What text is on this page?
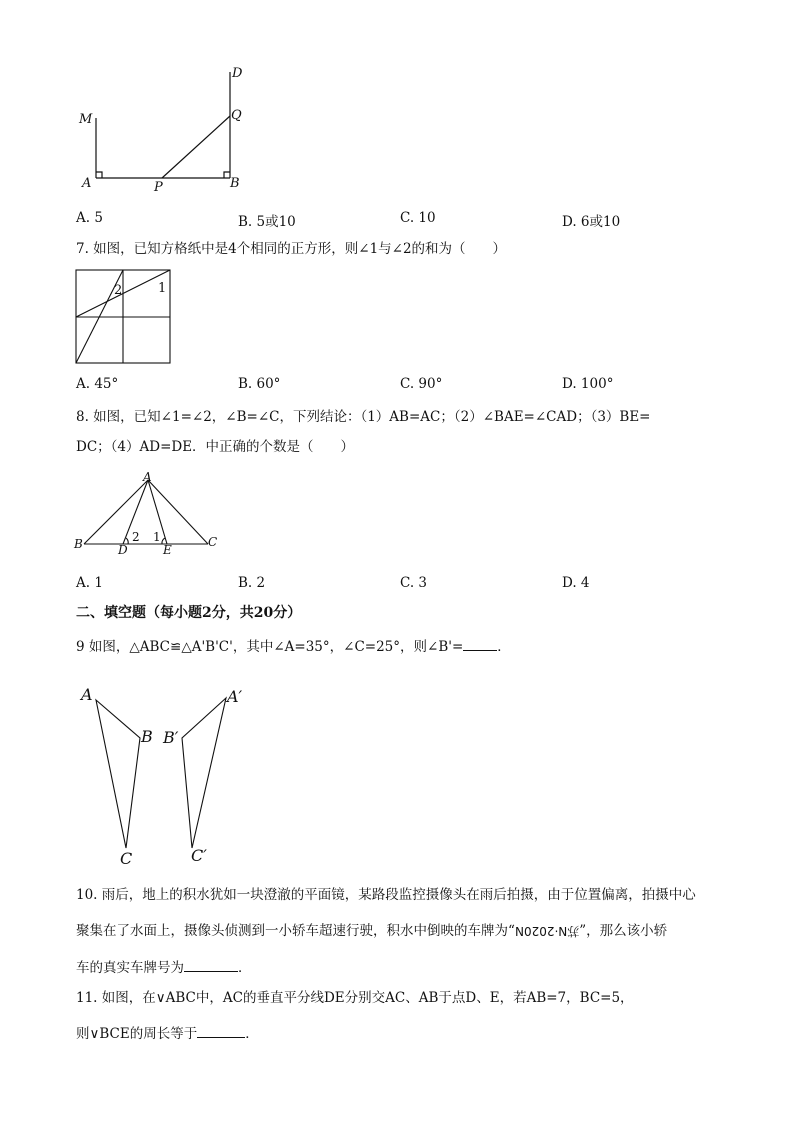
D
Q
M
A	P	B
A. 5	B. 5或10	C. 10	D. 6或10
7. 如图，已知方格纸中是4个相同的正方形，则∠1与∠2的和为（　　）
2	1
A. 45°	B. 60°	C. 90°	D. 100°
8. 如图，已知∠1=∠2，∠B=∠C，下列结论：（1）AB=AC；（2）∠BAE=∠CAD；（3）BE=
DC；（4）AD=DE．中正确的个数是（　　）
A
B	C
D	E
2 1
A. 1	B. 2	C. 3	D. 4
二、填空题（每小题2分，共20分）
9 如图，△ABC≌△A'B'C'，其中∠A=35°，∠C=25°，则∠B'=	．
A
B
C
A′
B′
C′
10. 雨后，地上的积水犹如一块澄澈的平面镜，某路段监控摄像头在雨后拍摄，由于位置偏离，拍摄中心
聚集在了水面上，摄像头侦测到一小轿车超速行驶，积水中倒映的车牌为“苏N·2020N”，那么该小轿
车的真实车牌号为	．
11. 如图，在∨ABC中，AC的垂直平分线DE分别交AC、AB于点D、E，若AB=7，BC=5，
则∨BCE的周长等于	．
